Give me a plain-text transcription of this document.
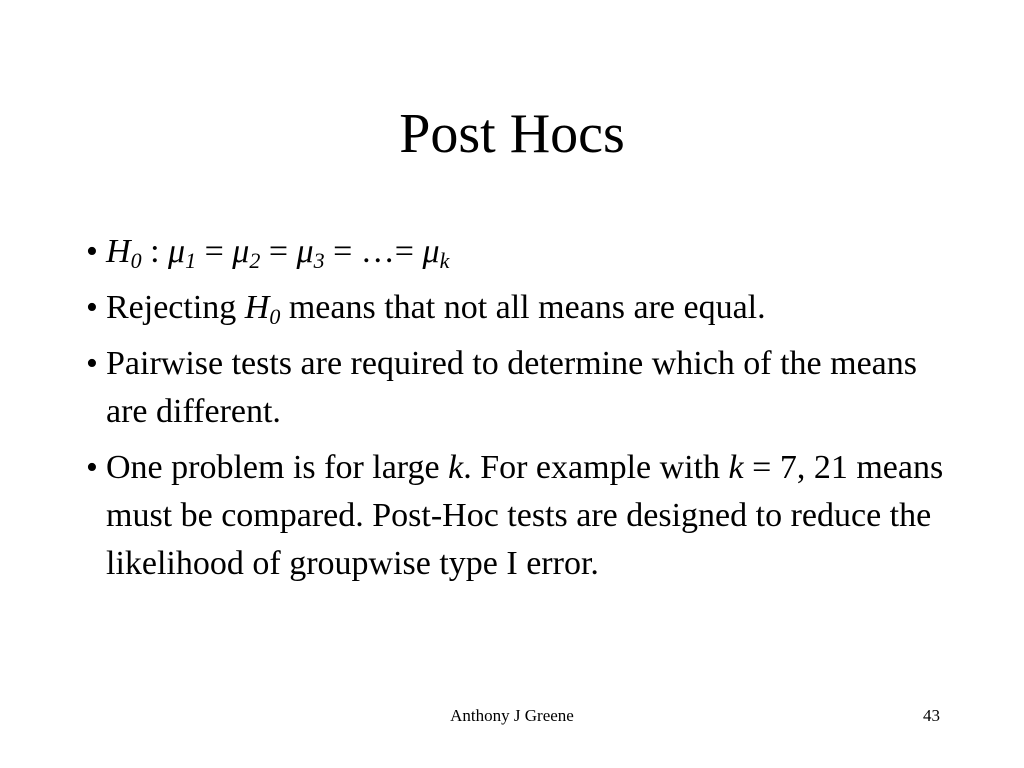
Post Hocs
• $H_0$ : $\mu_1 = \mu_2 = \mu_3$ = …= $\mu_k$
• Rejecting $H_0$ means that not all means are equal.
• Pairwise tests are required to determine which of the means are different.
• One problem is for large k. For example with k = 7, 21 means must be compared. Post-Hoc tests are designed to reduce the likelihood of groupwise type I error.
Anthony J Greene	43
